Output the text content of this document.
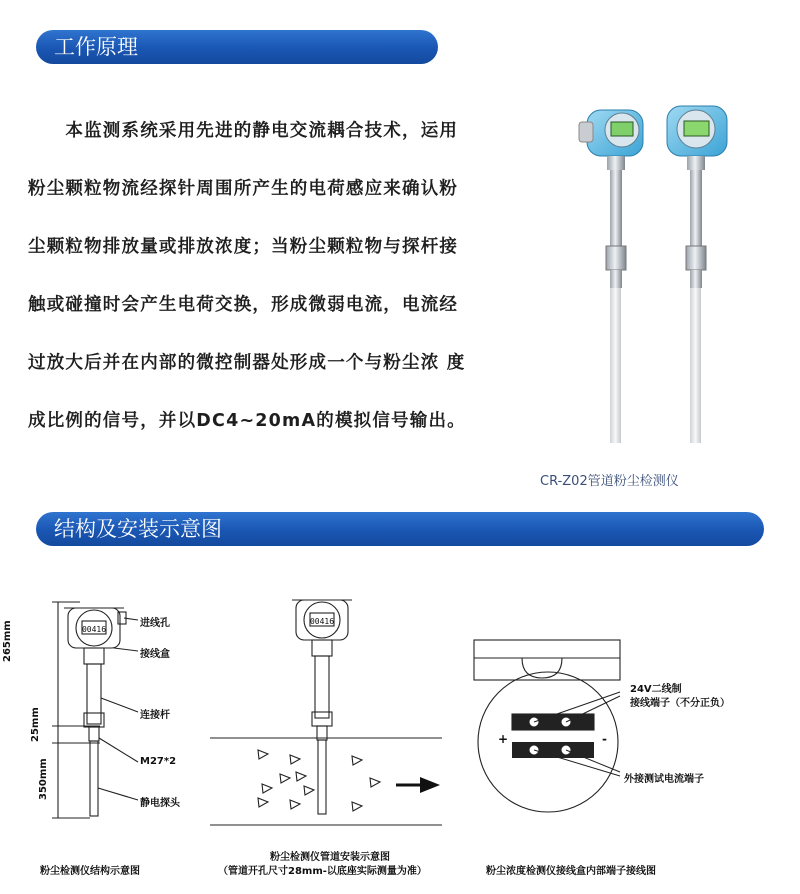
工作原理
　　本监测系统采用先进的静电交流耦合技术，运用
粉尘颗粒物流经探针周围所产生的电荷感应来确认粉
尘颗粒物排放量或排放浓度；当粉尘颗粒物与探杆接
触或碰撞时会产生电荷交换，形成微弱电流，电流经
过放大后并在内部的微控制器处形成一个与粉尘浓 度
成比例的信号，并以DC4~20mA的模拟信号输出。
CR-Z02管道粉尘检测仪
结构及安装示意图
00416
265mm
25mm
350mm
进线孔
接线盒
连接杆
M27*2
静电探头
粉尘检测仪结构示意图
00416
粉尘检测仪管道安装示意图
（管道开孔尺寸28mm-以底座实际测量为准）
+	-
24V二线制
接线端子（不分正负）
外接测试电流端子
粉尘浓度检测仪接线盒内部端子接线图
